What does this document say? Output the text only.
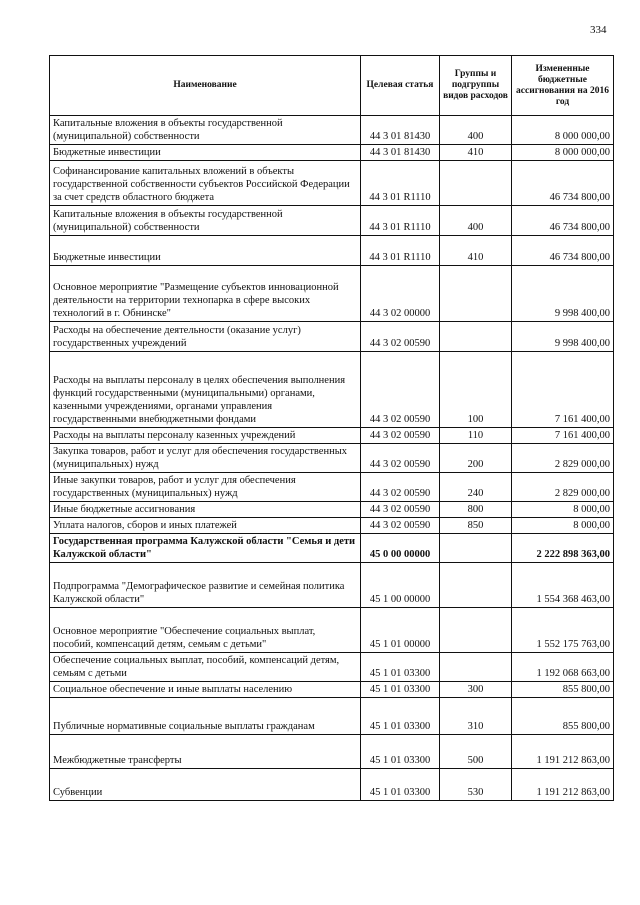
334
Наименование	Целевая статья	Группы и подгруппы видов расходов	Измененные бюджетные ассигнования на 2016 год
Капитальные вложения в объекты государственной (муниципальной) собственности	44 3 01 81430	400	8 000 000,00
Бюджетные инвестиции	44 3 01 81430	410	8 000 000,00
Софинансирование капитальных вложений в объекты государственной собственности субъектов Российской Федерации за счет средств областного бюджета	44 3 01 R1110		46 734 800,00
Капитальные вложения в объекты государственной (муниципальной) собственности	44 3 01 R1110	400	46 734 800,00
Бюджетные инвестиции	44 3 01 R1110	410	46 734 800,00
Основное мероприятие "Размещение субъектов инновационной деятельности на территории технопарка в сфере высоких технологий в г. Обнинске"	44 3 02 00000		9 998 400,00
Расходы на обеспечение деятельности (оказание услуг) государственных учреждений	44 3 02 00590		9 998 400,00
Расходы на выплаты персоналу в целях обеспечения выполнения функций государственными (муниципальными) органами, казенными учреждениями, органами управления государственными внебюджетными фондами	44 3 02 00590	100	7 161 400,00
Расходы на выплаты персоналу казенных учреждений	44 3 02 00590	110	7 161 400,00
Закупка товаров, работ и услуг для обеспечения государственных (муниципальных) нужд	44 3 02 00590	200	2 829 000,00
Иные закупки товаров, работ и услуг для обеспечения государственных (муниципальных) нужд	44 3 02 00590	240	2 829 000,00
Иные бюджетные ассигнования	44 3 02 00590	800	8 000,00
Уплата налогов, сборов и иных платежей	44 3 02 00590	850	8 000,00
Государственная программа Калужской области "Семья и дети Калужской области"	45 0 00 00000		2 222 898 363,00
Подпрограмма "Демографическое развитие и семейная политика Калужской области"	45 1 00 00000		1 554 368 463,00
Основное мероприятие "Обеспечение социальных выплат, пособий, компенсаций детям, семьям с детьми"	45 1 01 00000		1 552 175 763,00
Обеспечение социальных выплат, пособий, компенсаций детям, семьям с детьми	45 1 01 03300		1 192 068 663,00
Социальное обеспечение и иные выплаты населению	45 1 01 03300	300	855 800,00
Публичные нормативные социальные выплаты гражданам	45 1 01 03300	310	855 800,00
Межбюджетные трансферты	45 1 01 03300	500	1 191 212 863,00
Субвенции	45 1 01 03300	530	1 191 212 863,00
